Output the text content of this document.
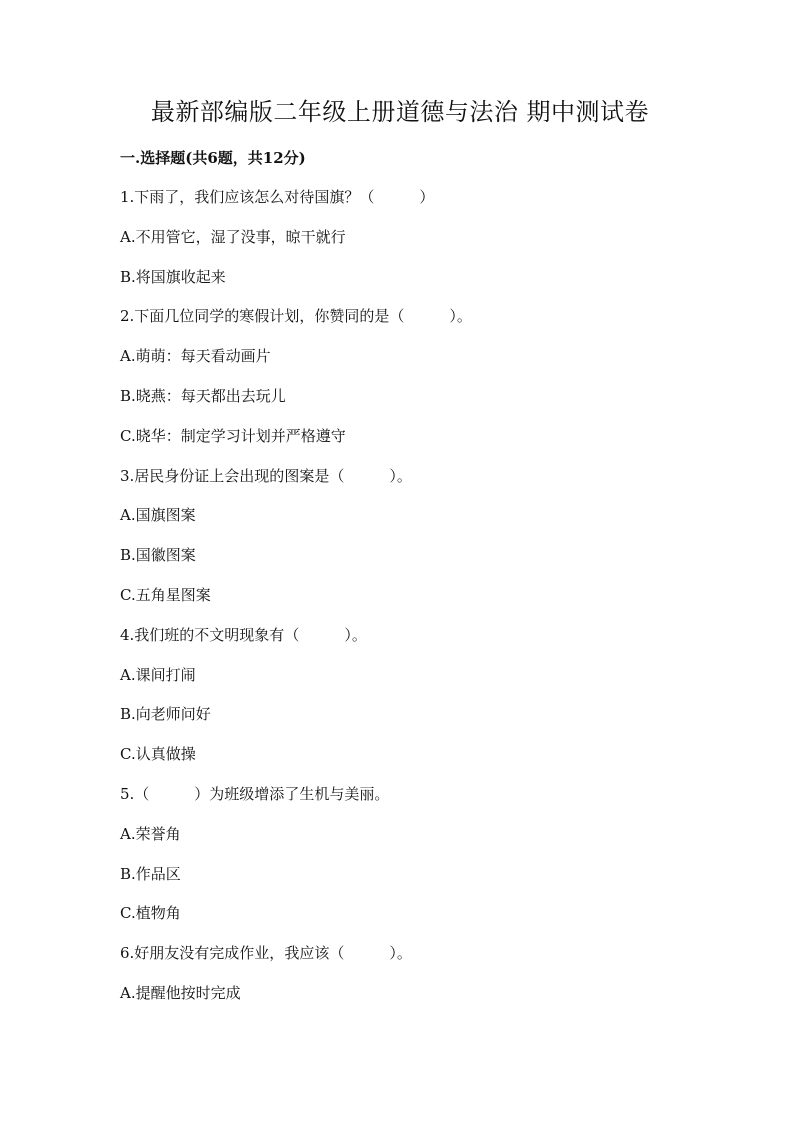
最新部编版二年级上册道德与法治 期中测试卷
一.选择题(共6题，共12分)
1.下雨了，我们应该怎么对待国旗？（　　　）
A.不用管它，湿了没事，晾干就行
B.将国旗收起来
2.下面几位同学的寒假计划，你赞同的是（　　　）。
A.萌萌：每天看动画片
B.晓燕：每天都出去玩儿
C.晓华：制定学习计划并严格遵守
3.居民身份证上会出现的图案是（　　　）。
A.国旗图案
B.国徽图案
C.五角星图案
4.我们班的不文明现象有（　　　）。
A.课间打闹
B.向老师问好
C.认真做操
5.（　　　）为班级增添了生机与美丽。
A.荣誉角
B.作品区
C.植物角
6.好朋友没有完成作业，我应该（　　　）。
A.提醒他按时完成
